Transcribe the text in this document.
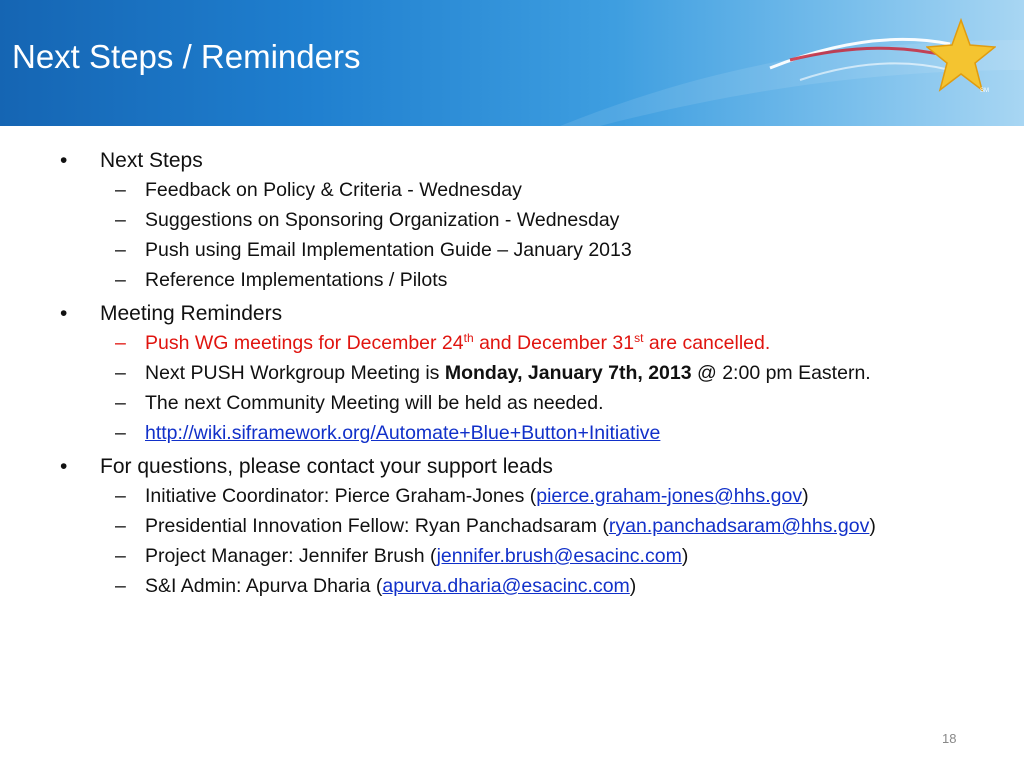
SM
Next Steps / Reminders
• Next Steps
– Feedback on Policy & Criteria - Wednesday
– Suggestions on Sponsoring Organization - Wednesday
– Push using Email Implementation Guide – January 2013
– Reference Implementations / Pilots
• Meeting Reminders
– Push WG meetings for December 24th and December 31st are cancelled.
– Next PUSH Workgroup Meeting is Monday, January 7th, 2013 @ 2:00 pm Eastern.
– The next Community Meeting will be held as needed.
– http://wiki.siframework.org/Automate+Blue+Button+Initiative
• For questions, please contact your support leads
– Initiative Coordinator: Pierce Graham-Jones (pierce.graham-jones@hhs.gov)
– Presidential Innovation Fellow: Ryan Panchadsaram (ryan.panchadsaram@hhs.gov)
– Project Manager: Jennifer Brush (jennifer.brush@esacinc.com)
– S&I Admin: Apurva Dharia (apurva.dharia@esacinc.com)
18
